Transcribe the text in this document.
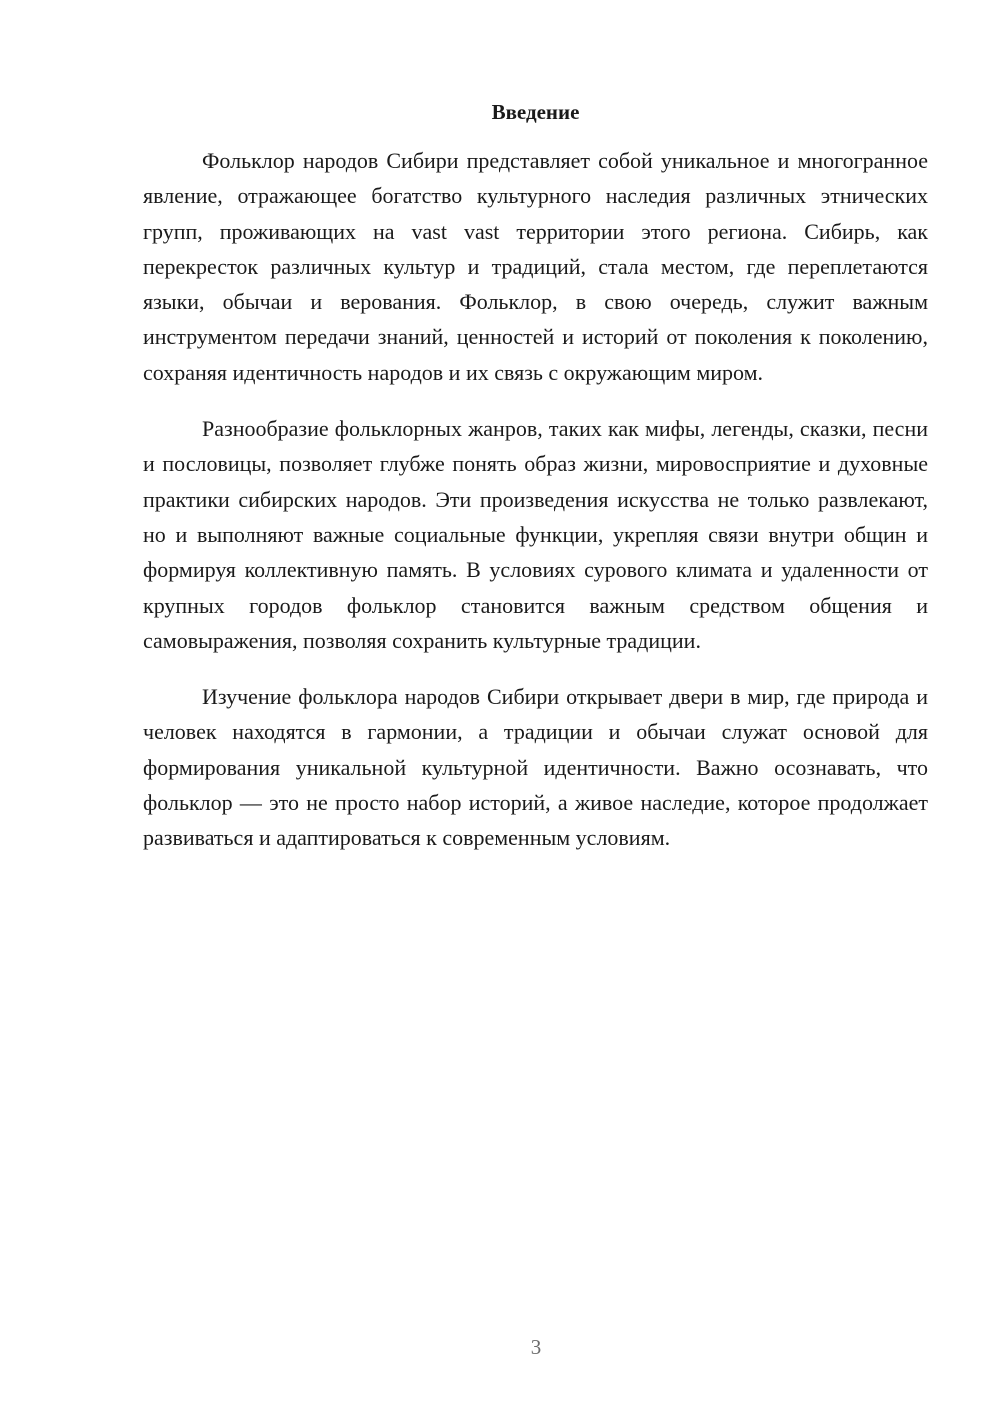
Введение

Фольклор народов Сибири представляет собой уникальное и многогранное явление, отражающее богатство культурного наследия различных этнических групп, проживающих на vast vast территории этого региона. Сибирь, как перекресток различных культур и традиций, стала местом, где переплетаются языки, обычаи и верования. Фольклор, в свою очередь, служит важным инструментом передачи знаний, ценностей и историй от поколения к поколению, сохраняя идентичность народов и их связь с окружающим миром.

Разнообразие фольклорных жанров, таких как мифы, легенды, сказки, песни и пословицы, позволяет глубже понять образ жизни, мировосприятие и духовные практики сибирских народов. Эти произведения искусства не только развлекают, но и выполняют важные социальные функции, укрепляя связи внутри общин и формируя коллективную память. В условиях сурового климата и удаленности от крупных городов фольклор становится важным средством общения и самовыражения, позволяя сохранить культурные традиции.

Изучение фольклора народов Сибири открывает двери в мир, где природа и человек находятся в гармонии, а традиции и обычаи служат основой для формирования уникальной культурной идентичности. Важно осознавать, что фольклор — это не просто набор историй, а живое наследие, которое продолжает развиваться и адаптироваться к современным условиям.

3
